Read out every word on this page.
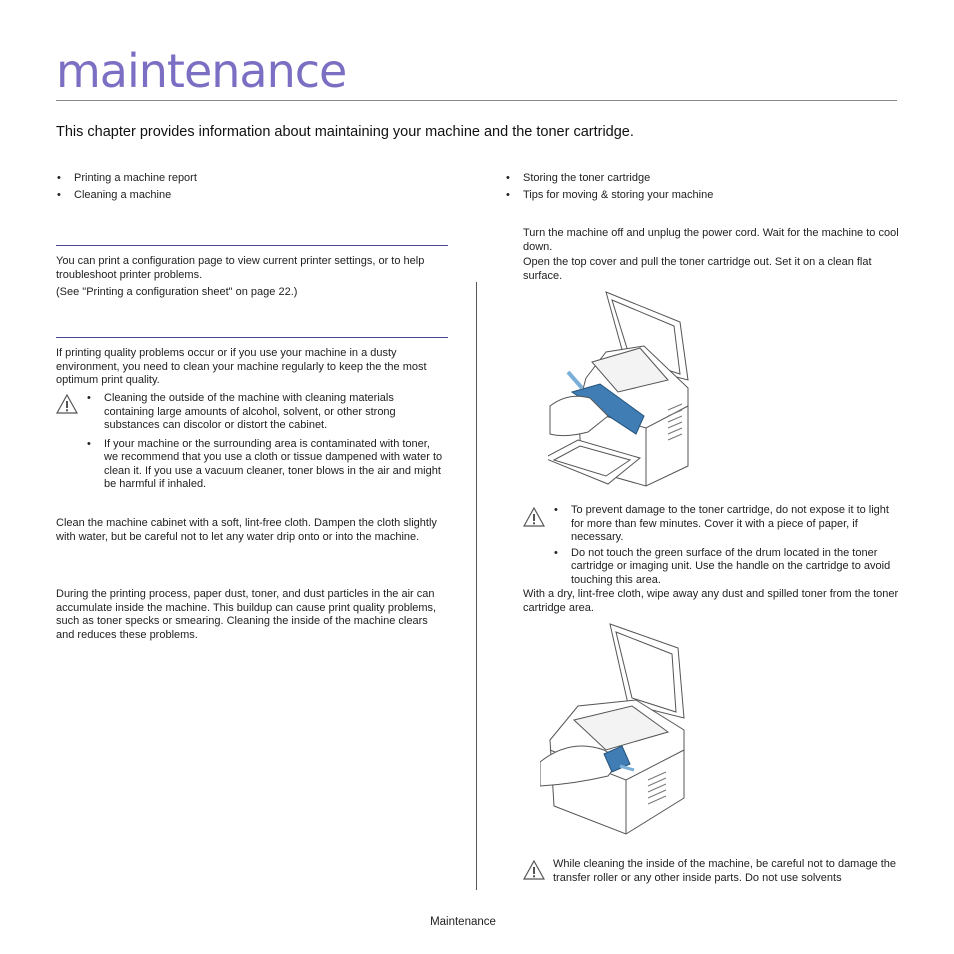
maintenance
This chapter provides information about maintaining your machine and the toner cartridge.
• Printing a machine report
• Cleaning a machine
• Storing the toner cartridge
• Tips for moving & storing your machine

You can print a configuration page to view current printer settings, or to help troubleshoot printer problems.

(See "Printing a configuration sheet" on page 22.)

If printing quality problems occur or if you use your machine in a dusty environment, you need to clean your machine regularly to keep the the most optimum print quality.
• Cleaning the outside of the machine with cleaning materials containing large amounts of alcohol, solvent, or other strong substances can discolor or distort the cabinet.
• If your machine or the surrounding area is contaminated with toner, we recommend that you use a cloth or tissue dampened with water to clean it. If you use a vacuum cleaner, toner blows in the air and might be harmful if inhaled.
Clean the machine cabinet with a soft, lint-free cloth. Dampen the cloth slightly with water, but be careful not to let any water drip onto or into the machine.
During the printing process, paper dust, toner, and dust particles in the air can accumulate inside the machine. This buildup can cause print quality problems, such as toner specks or smearing. Cleaning the inside of the machine clears and reduces these problems.
Turn the machine off and unplug the power cord. Wait for the machine to cool down.
Open the top cover and pull the toner cartridge out. Set it on a clean flat surface.
• To prevent damage to the toner cartridge, do not expose it to light for more than few minutes. Cover it with a piece of paper, if necessary.
• Do not touch the green surface of the drum located in the toner cartridge or imaging unit. Use the handle on the cartridge to avoid touching this area.
With a dry, lint-free cloth, wipe away any dust and spilled toner from the toner cartridge area.
While cleaning the inside of the machine, be careful not to damage the transfer roller or any other inside parts. Do not use solvents
Maintenance
